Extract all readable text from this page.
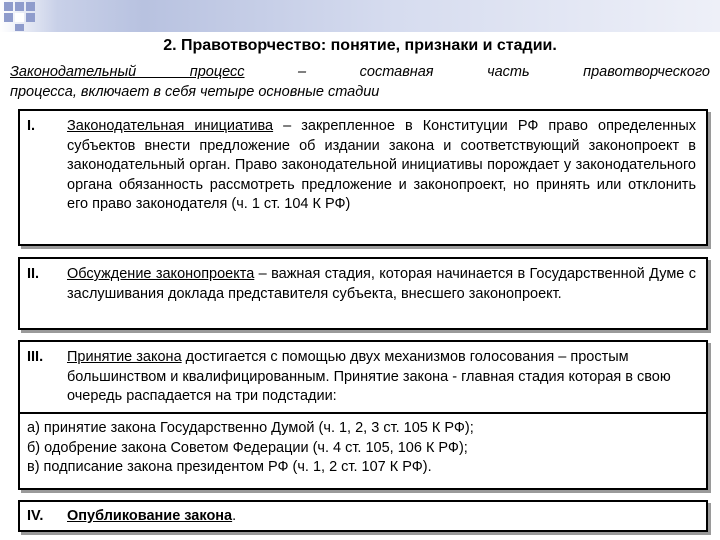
2. Правотворчество: понятие, признаки и стадии.
Законодательный процесс – составная часть правотворческого
процесса, включает в себя четыре основные стадии
I. Законодательная инициатива – закрепленное в Конституции РФ право определенных субъектов внести предложение об издании закона и соответствующий законопроект в законодательный орган. Право законодательной инициативы порождает у законодательного органа обязанность рассмотреть предложение и законопроект, но принять или отклонить его право законодателя (ч. 1 ст. 104 К РФ)
II. Обсуждение законопроекта – важная стадия, которая начинается в Государственной Думе с заслушивания доклада представителя субъекта, внесшего законопроект.
III. Принятие закона достигается с помощью двух механизмов голосования – простым большинством и квалифицированным. Принятие закона - главная стадия которая в свою очередь распадается на три подстадии:
а) принятие закона Государственно Думой (ч. 1, 2, 3 ст. 105 К РФ);
б) одобрение закона Советом Федерации (ч. 4 ст. 105, 106 К РФ);
в) подписание закона президентом РФ (ч. 1, 2 ст. 107 К РФ).
IV. Опубликование закона.
